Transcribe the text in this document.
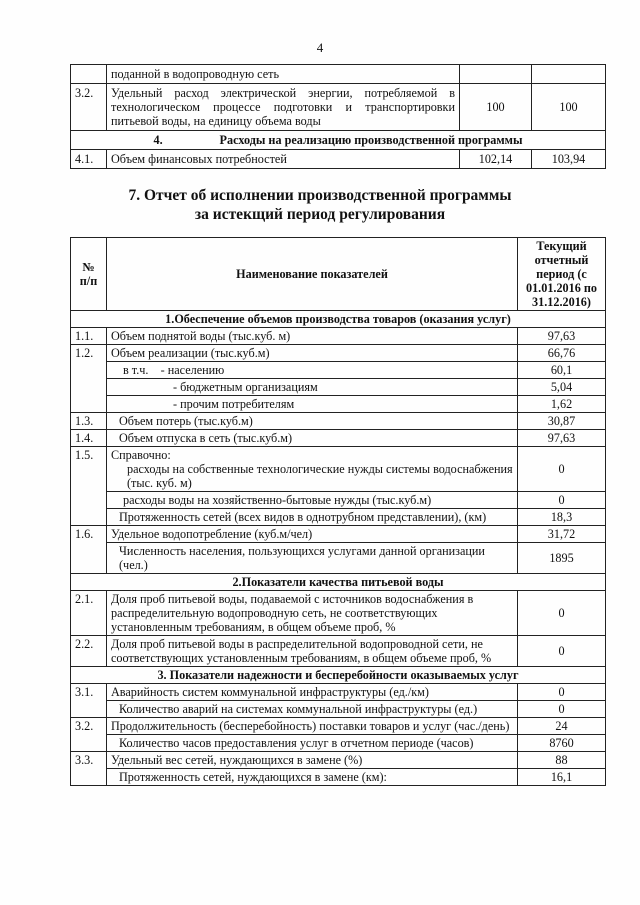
4
	поданной в водопроводную сеть		
3.2.	Удельный расход электрической энергии, потребляемой в технологическом процессе подготовки и транспортировки питьевой воды, на единицу объема воды	100	100
4. Расходы на реализацию производственной программы			
4.1.	Объем финансовых потребностей	102,14	103,94
7. Отчет об исполнении производственной программы
за истекщий период регулирования
№
п/п	Наименование показателей	Текущий отчетный период (с 01.01.2016 по 31.12.2016)
1.Обеспечение объемов производства товаров (оказания услуг)		
1.1.	Объем поднятой воды (тыс.куб. м)	97,63
1.2.	Объем реализации (тыс.куб.м)	66,76
	в т.ч.    - населению	60,1
	- бюджетным организациям	5,04
	- прочим потребителям	1,62
1.3.	Объем потерь (тыс.куб.м)	30,87
1.4.	Объем отпуска в сеть (тыс.куб.м)	97,63
1.5.	Справочно:
расходы на собственные технологические нужды системы водоснабжения (тыс. куб. м)	0
	расходы воды на хозяйственно-бытовые нужды (тыс.куб.м)	0
	Протяженность сетей (всех видов в однотрубном представлении), (км)	18,3
1.6.	Удельное водопотребление (куб.м/чел)	31,72
	Численность населения, пользующихся услугами данной организации (чел.)	1895
2.Показатели качества питьевой воды		
2.1.	Доля проб питьевой воды, подаваемой с источников водоснабжения в распределительную водопроводную сеть, не соответствующих установленным требованиям, в общем объеме проб, %	0
2.2.	Доля проб питьевой воды в распределительной водопроводной сети, не соответствующих установленным требованиям, в общем объеме проб, %	0
3. Показатели надежности и бесперебойности оказываемых услуг		
3.1.	Аварийность систем коммунальной инфраструктуры (ед./км)	0
	Количество аварий на системах коммунальной инфраструктуры (ед.)	0
3.2.	Продолжительность (бесперебойность) поставки товаров и услуг (час./день)	24
	Количество часов предоставления услуг в отчетном периоде (часов)	8760
3.3.	Удельный вес сетей, нуждающихся в замене (%)	88
	Протяженность сетей, нуждающихся в замене (км):	16,1
